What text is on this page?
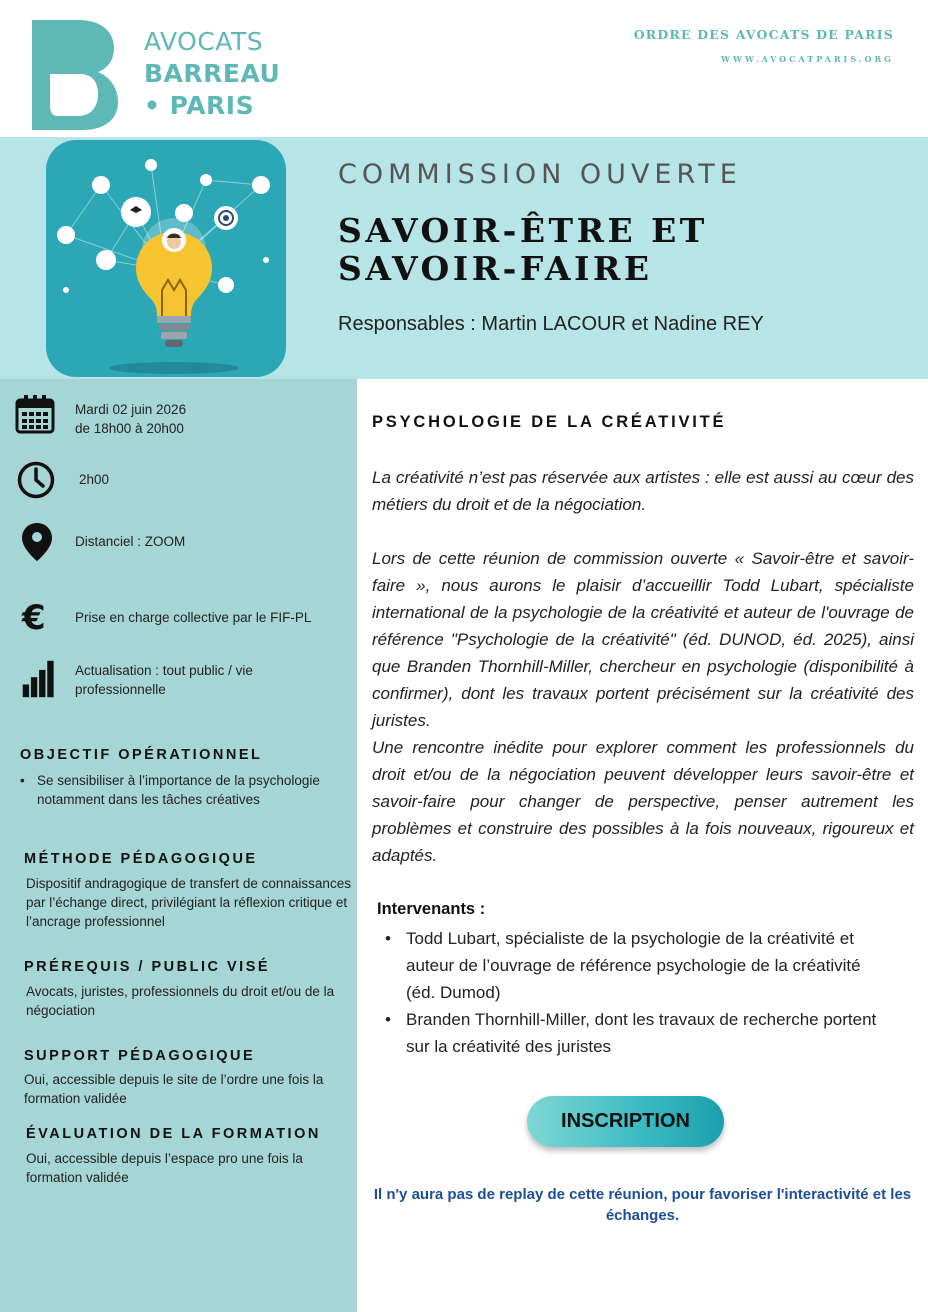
AVOCATS
BARREAU
• PARIS
ORDRE DES AVOCATS DE PARIS
WWW.AVOCATPARIS.ORG
COMMISSION OUVERTE
SAVOIR-ÊTRE ET SAVOIR-FAIRE
Responsables : Martin LACOUR et Nadine REY
Mardi 02 juin 2026
de 18h00 à 20h00
2h00
Distanciel : ZOOM
€ Prise en charge collective par le FIF-PL
Actualisation : tout public / vie
professionnelle
OBJECTIF OPÉRATIONNEL
• Se sensibiliser à l’importance de la psychologie notamment dans les tâches créatives
MÉTHODE PÉDAGOGIQUE
Dispositif andragogique de transfert de connaissances par l’échange direct, privilégiant la réflexion critique et l’ancrage professionnel
PRÉREQUIS / PUBLIC VISÉ
Avocats, juristes, professionnels du droit et/ou de la négociation
SUPPORT PÉDAGOGIQUE
Oui, accessible depuis le site de l’ordre une fois la formation validée
ÉVALUATION DE LA FORMATION
Oui, accessible depuis l’espace pro une fois la formation validée
PSYCHOLOGIE DE LA CRÉATIVITÉ
La créativité n’est pas réservée aux artistes : elle est aussi au cœur des métiers du droit et de la négociation.
Lors de cette réunion de commission ouverte « Savoir-être et savoir-faire », nous aurons le plaisir d’accueillir Todd Lubart, spécialiste international de la psychologie de la créativité et auteur de l'ouvrage de référence "Psychologie de la créativité" (éd. DUNOD, éd. 2025), ainsi que Branden Thornhill-Miller, chercheur en psychologie (disponibilité à confirmer), dont les travaux portent précisément sur la créativité des juristes.
Une rencontre inédite pour explorer comment les professionnels du droit et/ou de la négociation peuvent développer leurs savoir-être et savoir-faire pour changer de perspective, penser autrement les problèmes et construire des possibles à la fois nouveaux, rigoureux et adaptés.
Intervenants :
• Todd Lubart, spécialiste de la psychologie de la créativité et auteur de l’ouvrage de référence psychologie de la créativité (éd. Dumod)
• Branden Thornhill-Miller, dont les travaux de recherche portent sur la créativité des juristes
INSCRIPTION
Il n'y aura pas de replay de cette réunion, pour favoriser l'interactivité et les échanges.
